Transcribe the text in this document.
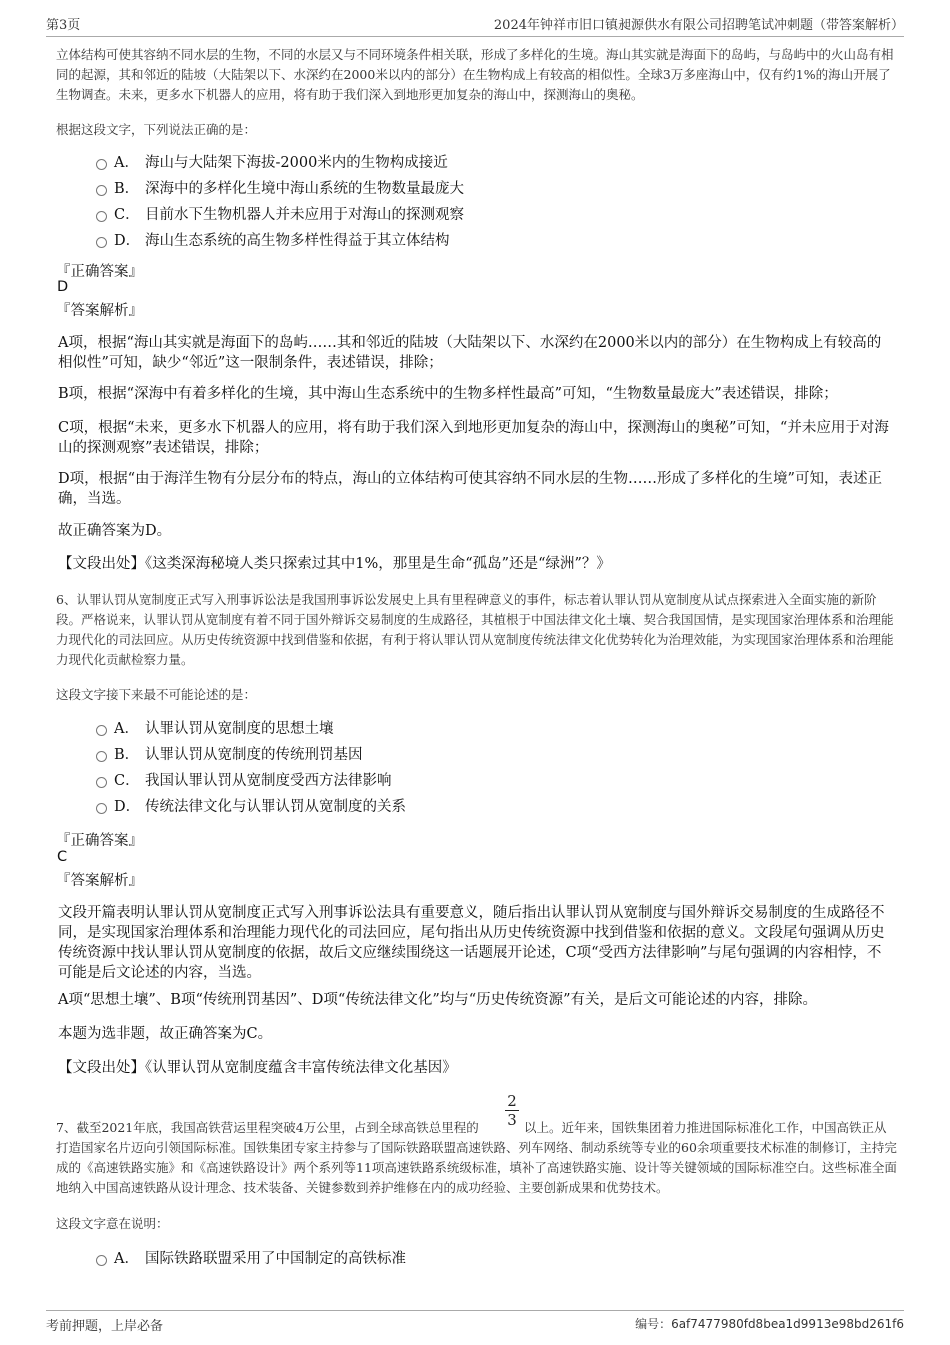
第3页	2024年钟祥市旧口镇昶源供水有限公司招聘笔试冲刺题（带答案解析）
立体结构可使其容纳不同水层的生物，不同的水层又与不同环境条件相关联，形成了多样化的生境。海山其实就是海面下的岛屿，与岛屿中的火山岛有相同的起源，其和邻近的陆坡（大陆架以下、水深约在2000米以内的部分）在生物构成上有较高的相似性。全球3万多座海山中，仅有约1%的海山开展了生物调查。未来，更多水下机器人的应用，将有助于我们深入到地形更加复杂的海山中，探测海山的奥秘。
根据这段文字，下列说法正确的是：
A． 海山与大陆架下海拔-2000米内的生物构成接近
B． 深海中的多样化生境中海山系统的生物数量最庞大
C． 目前水下生物机器人并未应用于对海山的探测观察
D． 海山生态系统的高生物多样性得益于其立体结构
『正确答案』
D
『答案解析』
A项，根据“海山其实就是海面下的岛屿……其和邻近的陆坡（大陆架以下、水深约在2000米以内的部分）在生物构成上有较高的相似性”可知，缺少“邻近”这一限制条件，表述错误，排除；
B项，根据“深海中有着多样化的生境，其中海山生态系统中的生物多样性最高”可知，“生物数量最庞大”表述错误，排除；
C项，根据“未来，更多水下机器人的应用，将有助于我们深入到地形更加复杂的海山中，探测海山的奥秘”可知，“并未应用于对海山的探测观察”表述错误，排除；
D项，根据“由于海洋生物有分层分布的特点，海山的立体结构可使其容纳不同水层的生物……形成了多样化的生境”可知，表述正确，当选。
故正确答案为D。
【文段出处】《这类深海秘境人类只探索过其中1%，那里是生命“孤岛”还是“绿洲”？》
6、认罪认罚从宽制度正式写入刑事诉讼法是我国刑事诉讼发展史上具有里程碑意义的事件，标志着认罪认罚从宽制度从试点探索进入全面实施的新阶段。严格说来，认罪认罚从宽制度有着不同于国外辩诉交易制度的生成路径，其植根于中国法律文化土壤、契合我国国情，是实现国家治理体系和治理能力现代化的司法回应。从历史传统资源中找到借鉴和依据，有利于将认罪认罚从宽制度传统法律文化优势转化为治理效能，为实现国家治理体系和治理能力现代化贡献检察力量。
这段文字接下来最不可能论述的是：
A． 认罪认罚从宽制度的思想土壤
B． 认罪认罚从宽制度的传统刑罚基因
C． 我国认罪认罚从宽制度受西方法律影响
D． 传统法律文化与认罪认罚从宽制度的关系
『正确答案』
C
『答案解析』
文段开篇表明认罪认罚从宽制度正式写入刑事诉讼法具有重要意义，随后指出认罪认罚从宽制度与国外辩诉交易制度的生成路径不同，是实现国家治理体系和治理能力现代化的司法回应，尾句指出从历史传统资源中找到借鉴和依据的意义。文段尾句强调从历史传统资源中找认罪认罚从宽制度的依据，故后文应继续围绕这一话题展开论述，C项“受西方法律影响”与尾句强调的内容相悖，不可能是后文论述的内容，当选。
A项“思想土壤”、B项“传统刑罚基因”、D项“传统法律文化”均与“历史传统资源”有关，是后文可能论述的内容，排除。
本题为选非题，故正确答案为C。
【文段出处】《认罪认罚从宽制度蕴含丰富传统法律文化基因》
7、截至2021年底，我国高铁营运里程突破4万公里，占到全球高铁总里程的
2
3 以上。近年来，国铁集团着力推进国际标准化工作，中国高铁正从打造国家名片迈向引领国际标准。国铁集团专家主持参与了国际铁路联盟高速铁路、列车网络、制动系统等专业的60余项重要技术标准的制修订，主持完成的《高速铁路实施》和《高速铁路设计》两个系列等11项高速铁路系统级标准，填补了高速铁路实施、设计等关键领域的国际标准空白。这些标准全面地纳入中国高速铁路从设计理念、技术装备、关键参数到养护维修在内的成功经验、主要创新成果和优势技术。
这段文字意在说明：
A． 国际铁路联盟采用了中国制定的高铁标准
考前押题，上岸必备	编号：6af7477980fd8bea1d9913e98bd261f6
